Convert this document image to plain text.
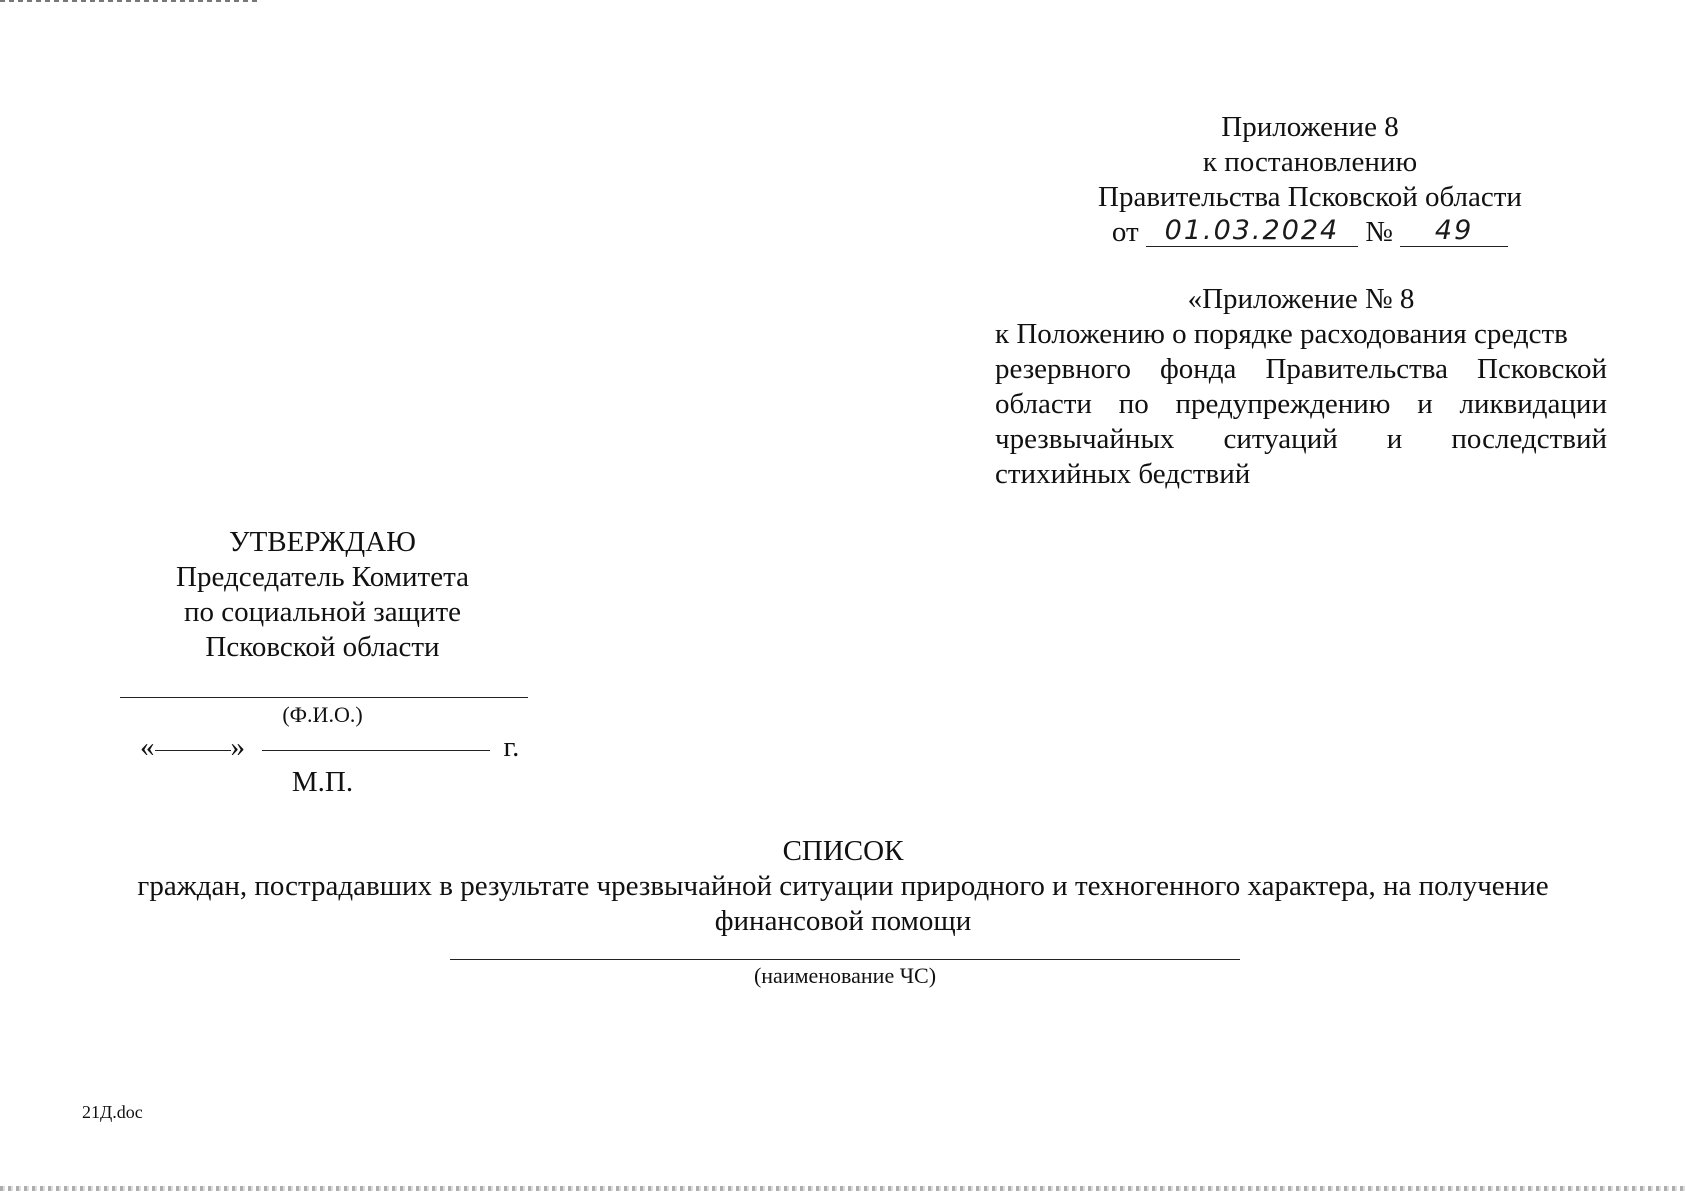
Приложение 8
к постановлению
Правительства Псковской области
от 01.03.2024 № 49
«Приложение № 8
к Положению о порядке расходования средств
резервного фонда Правительства Псковской
области по предупреждению и ликвидации
чрезвычайных ситуаций и последствий
стихийных бедствий
УТВЕРЖДАЮ
Председатель Комитета
по социальной защите
Псковской области
(Ф.И.О.)
«	»	г.
М.П.
СПИСОК
граждан, пострадавших в результате чрезвычайной ситуации природного и техногенного характера, на получение
финансовой помощи
(наименование ЧС)
21Д.doc
